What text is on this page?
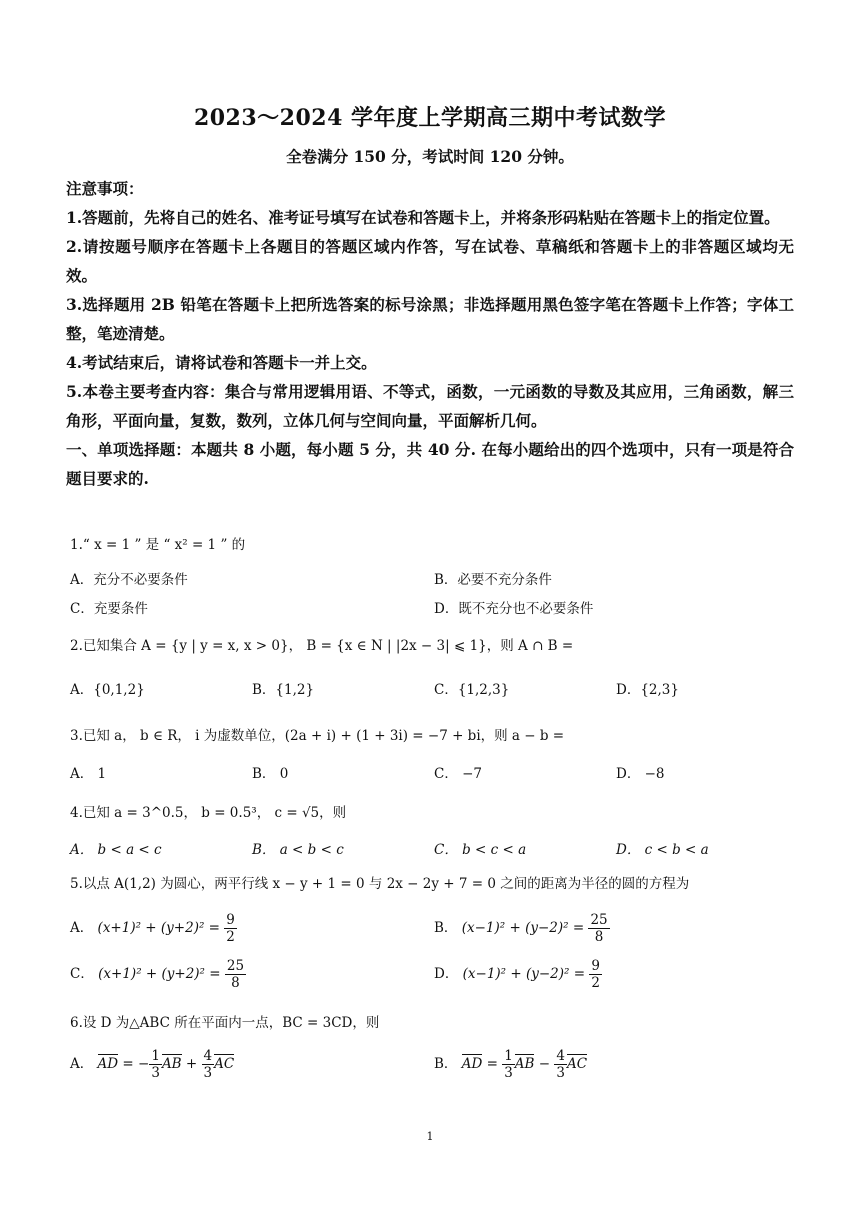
2023～2024 学年度上学期高三期中考试数学
全卷满分 150 分，考试时间 120 分钟。

注意事项：

1.答题前，先将自己的姓名、准考证号填写在试卷和答题卡上，并将条形码粘贴在答题卡上的指定位置。

2.请按题号顺序在答题卡上各题目的答题区域内作答，写在试卷、草稿纸和答题卡上的非答题区域均无效。

3.选择题用 2B 铅笔在答题卡上把所选答案的标号涂黑；非选择题用黑色签字笔在答题卡上作答；字体工整，笔迹清楚。

4.考试结束后，请将试卷和答题卡一并上交。

5.本卷主要考查内容：集合与常用逻辑用语、不等式，函数，一元函数的导数及其应用，三角函数，解三角形，平面向量，复数，数列，立体几何与空间向量，平面解析几何。

一、单项选择题：本题共 8 小题，每小题 5 分，共 40 分. 在每小题给出的四个选项中，只有一项是符合题目要求的.

1.“ x = 1 ” 是 “ x² = 1 ” 的
A．充分不必要条件	B．必要不充分条件
C．充要条件	D．既不充分也不必要条件
2.已知集合 A = {y | y = x, x > 0}， B = {x ∈ N | |2x − 3| ⩽ 1}，则 A ∩ B =
A．{0,1,2}	B．{1,2}	C．{1,2,3}	D．{2,3}
3.已知 a， b ∈ R， i 为虚数单位，(2a + i) + (1 + 3i) = −7 + bi，则 a − b =
A． 1	B． 0	C． −7	D． −8
4.已知 a = 3^0.5， b = 0.5³， c = √5，则
A． b < a < c	B． a < b < c	C． b < c < a	D． c < b < a
5.以点 A(1,2) 为圆心，两平行线 x − y + 1 = 0 与 2x − 2y + 7 = 0 之间的距离为半径的圆的方程为
A． $(x+1)^2 + (y+2)^2 = \frac{9}{2}$	B． $(x-1)^2 + (y-2)^2 = \frac{25}{8}$
C． $(x+1)^2 + (y+2)^2 = \frac{25}{8}$	D． $(x-1)^2 + (y-2)^2 = \frac{9}{2}$
6.设 D 为△ABC 所在平面内一点，BC = 3CD，则
A． AD = − $\frac{1}{3}$ AB + $\frac{4}{3}$ AC	B． AD = $\frac{1}{3}$ AB − $\frac{4}{3}$ AC
1
